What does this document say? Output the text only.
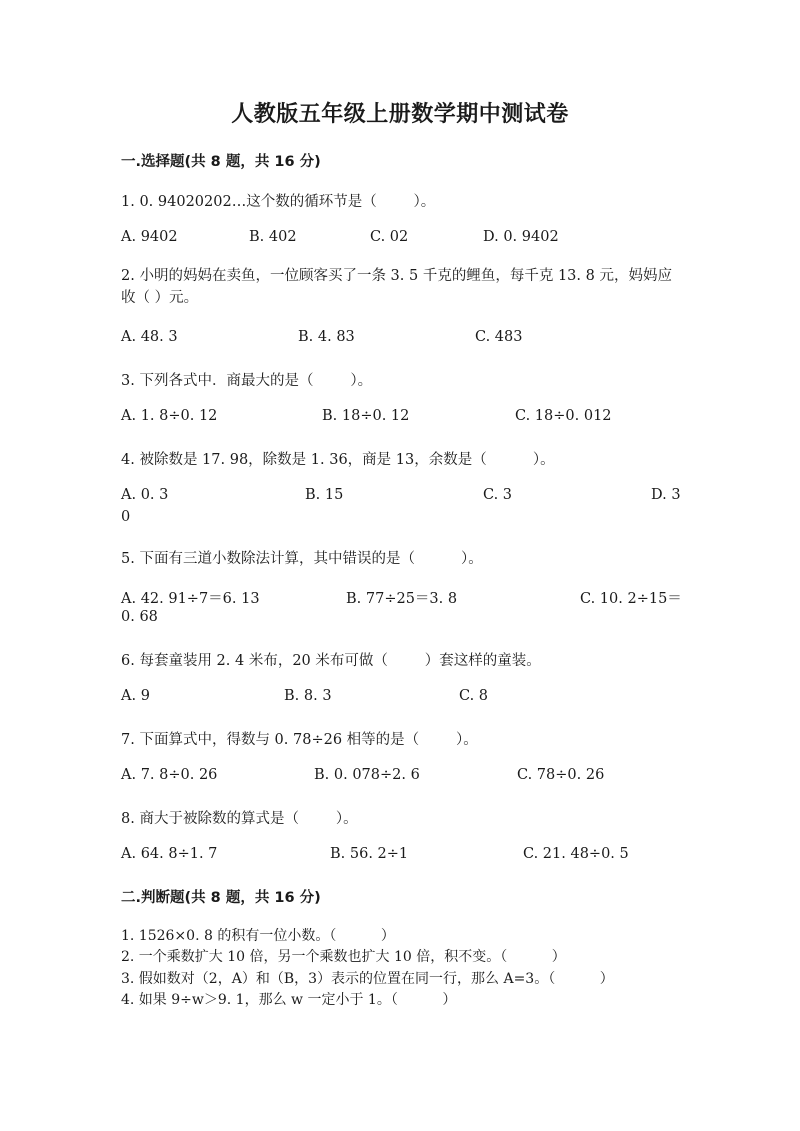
人教版五年级上册数学期中测试卷
一.选择题(共 8 题，共 16 分)
1. 0. 94020202…这个数的循环节是（        ）。
A. 9402	B. 402	C. 02	D. 0. 9402
2. 小明的妈妈在卖鱼，一位顾客买了一条 3. 5 千克的鲤鱼，每千克 13. 8 元，妈妈应收（ ）元。
A. 48. 3	B. 4. 83	C. 483
3. 下列各式中．商最大的是（        ）。
A. 1. 8÷0. 12	B. 18÷0. 12	C. 18÷0. 012
4. 被除数是 17. 98，除数是 1. 36，商是 13，余数是（          ）。
A. 0. 3	B. 15	C. 3	D. 3
0
5. 下面有三道小数除法计算，其中错误的是（          ）。
A. 42. 91÷7＝6. 13	B. 77÷25＝3. 8	C. 10. 2÷15＝
0. 68
6. 每套童装用 2. 4 米布，20 米布可做（        ）套这样的童装。
A. 9	B. 8. 3	C. 8
7. 下面算式中，得数与 0. 78÷26 相等的是（        ）。
A. 7. 8÷0. 26	B. 0. 078÷2. 6	C. 78÷0. 26
8. 商大于被除数的算式是（        ）。
A. 64. 8÷1. 7	B. 56. 2÷1	C. 21. 48÷0. 5
二.判断题(共 8 题，共 16 分)
1. 1526×0. 8 的积有一位小数。（          ）
2. 一个乘数扩大 10 倍，另一个乘数也扩大 10 倍，积不变。（          ）
3. 假如数对（2，A）和（B，3）表示的位置在同一行，那么 A=3。（          ）
4. 如果 9÷w＞9. 1，那么 w 一定小于 1。（          ）
